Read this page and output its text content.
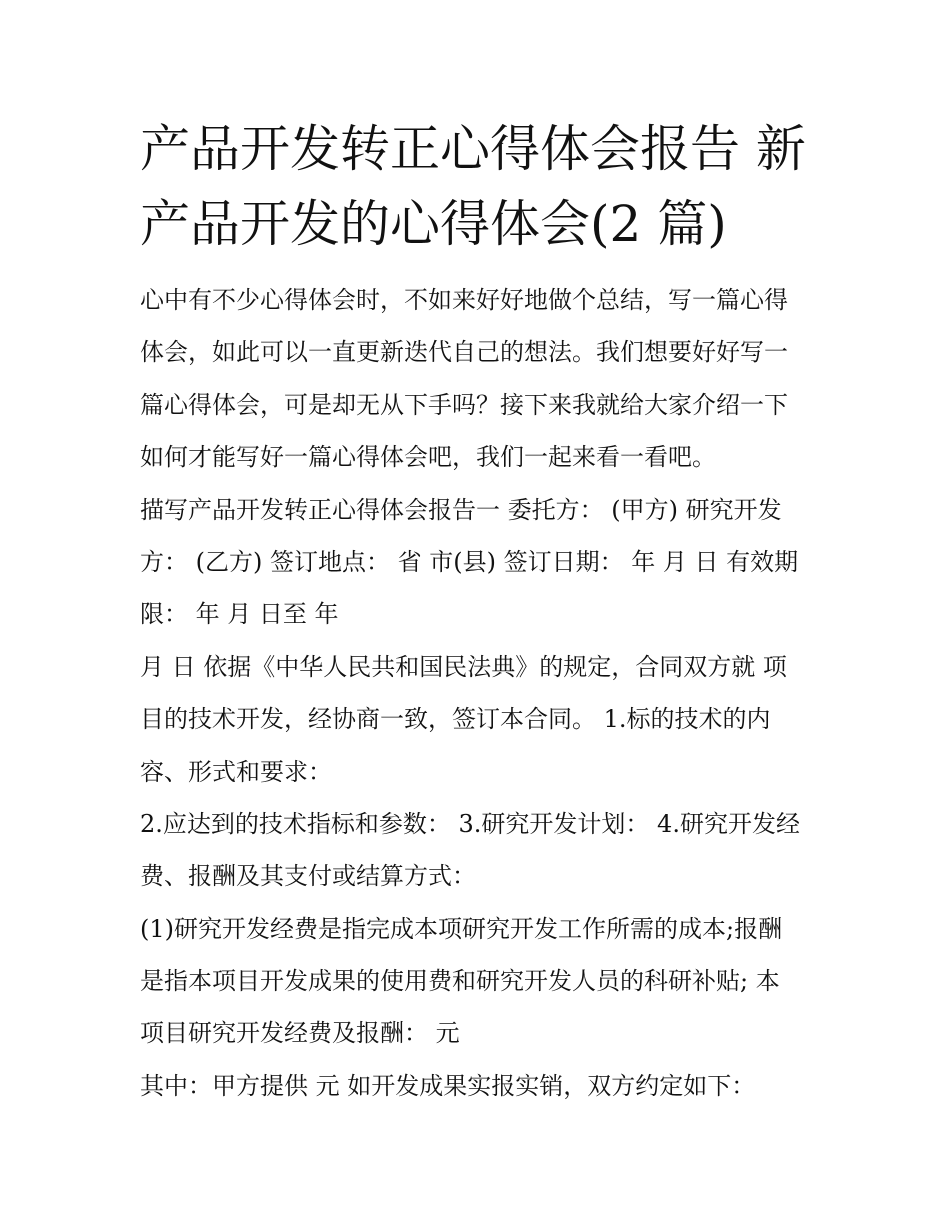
产品开发转正心得体会报告 新
产品开发的心得体会(2 篇)
心中有不少心得体会时，不如来好好地做个总结，写一篇心得
体会，如此可以一直更新迭代自己的想法。我们想要好好写一
篇心得体会，可是却无从下手吗？接下来我就给大家介绍一下
如何才能写好一篇心得体会吧，我们一起来看一看吧。
描写产品开发转正心得体会报告一 委托方： (甲方) 研究开发
方： (乙方) 签订地点： 省 市(县) 签订日期： 年 月 日 有效期
限： 年 月 日至 年
月 日 依据《中华人民共和国民法典》的规定，合同双方就 项
目的技术开发，经协商一致，签订本合同。 1.标的技术的内
容、形式和要求：
2.应达到的技术指标和参数： 3.研究开发计划： 4.研究开发经
费、报酬及其支付或结算方式：
(1)研究开发经费是指完成本项研究开发工作所需的成本;报酬
是指本项目开发成果的使用费和研究开发人员的科研补贴; 本
项目研究开发经费及报酬： 元
其中：甲方提供 元 如开发成果实报实销，双方约定如下：
